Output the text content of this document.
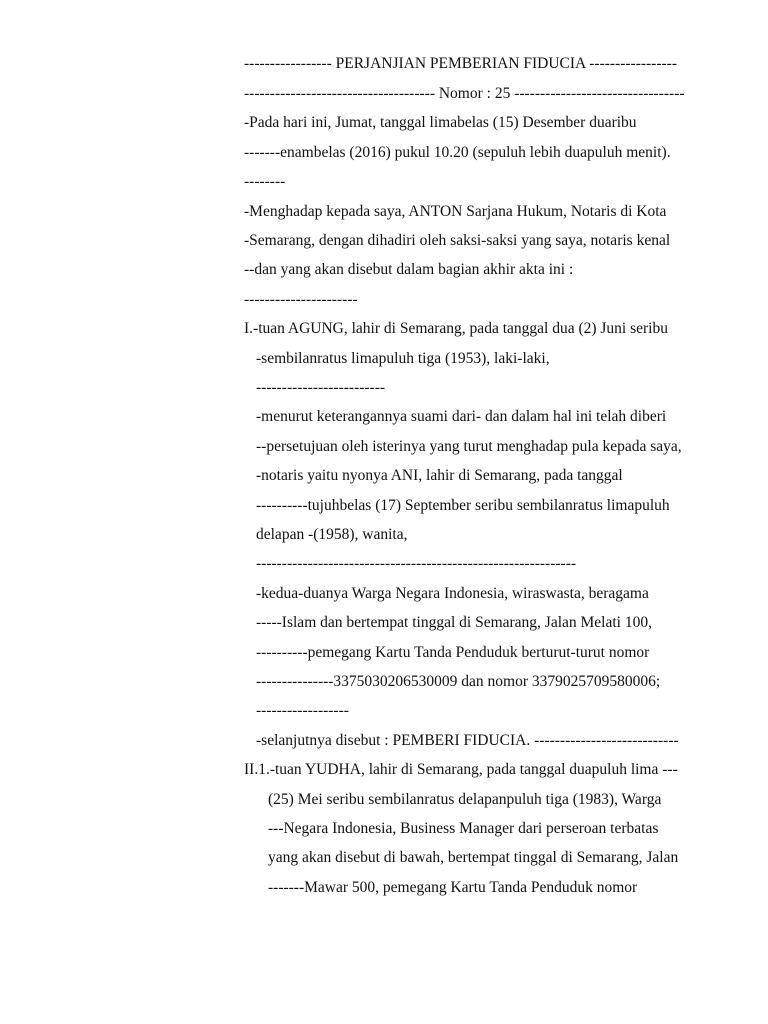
----------------- PERJANJIAN PEMBERIAN FIDUCIA -----------------
------------------------------------- Nomor : 25 ---------------------------------
-Pada hari ini, Jumat, tanggal limabelas (15) Desember duaribu
-------enambelas (2016) pukul 10.20 (sepuluh lebih duapuluh menit).
--------
-Menghadap kepada saya, ANTON Sarjana Hukum, Notaris di Kota
-Semarang, dengan dihadiri oleh saksi-saksi yang saya, notaris kenal
--dan yang akan disebut dalam bagian akhir akta ini :
----------------------
I.-tuan AGUNG, lahir di Semarang, pada tanggal dua (2) Juni seribu
-sembilanratus limapuluh tiga (1953), laki-laki,
-------------------------
-menurut keterangannya suami dari- dan dalam hal ini telah diberi
--persetujuan oleh isterinya yang turut menghadap pula kepada saya,
-notaris yaitu nyonya ANI, lahir di Semarang, pada tanggal
----------tujuhbelas (17) September seribu sembilanratus limapuluh
delapan -(1958), wanita,
--------------------------------------------------------------
-kedua-duanya Warga Negara Indonesia, wiraswasta, beragama
-----Islam dan bertempat tinggal di Semarang, Jalan Melati 100,
----------pemegang Kartu Tanda Penduduk berturut-turut nomor
---------------3375030206530009 dan nomor 3379025709580006;
------------------
-selanjutnya disebut : PEMBERI FIDUCIA. ----------------------------
II.1.-tuan YUDHA, lahir di Semarang, pada tanggal duapuluh lima ---
(25) Mei seribu sembilanratus delapanpuluh tiga (1983), Warga
---Negara Indonesia, Business Manager dari perseroan terbatas
yang akan disebut di bawah, bertempat tinggal di Semarang, Jalan
-------Mawar 500, pemegang Kartu Tanda Penduduk nomor
